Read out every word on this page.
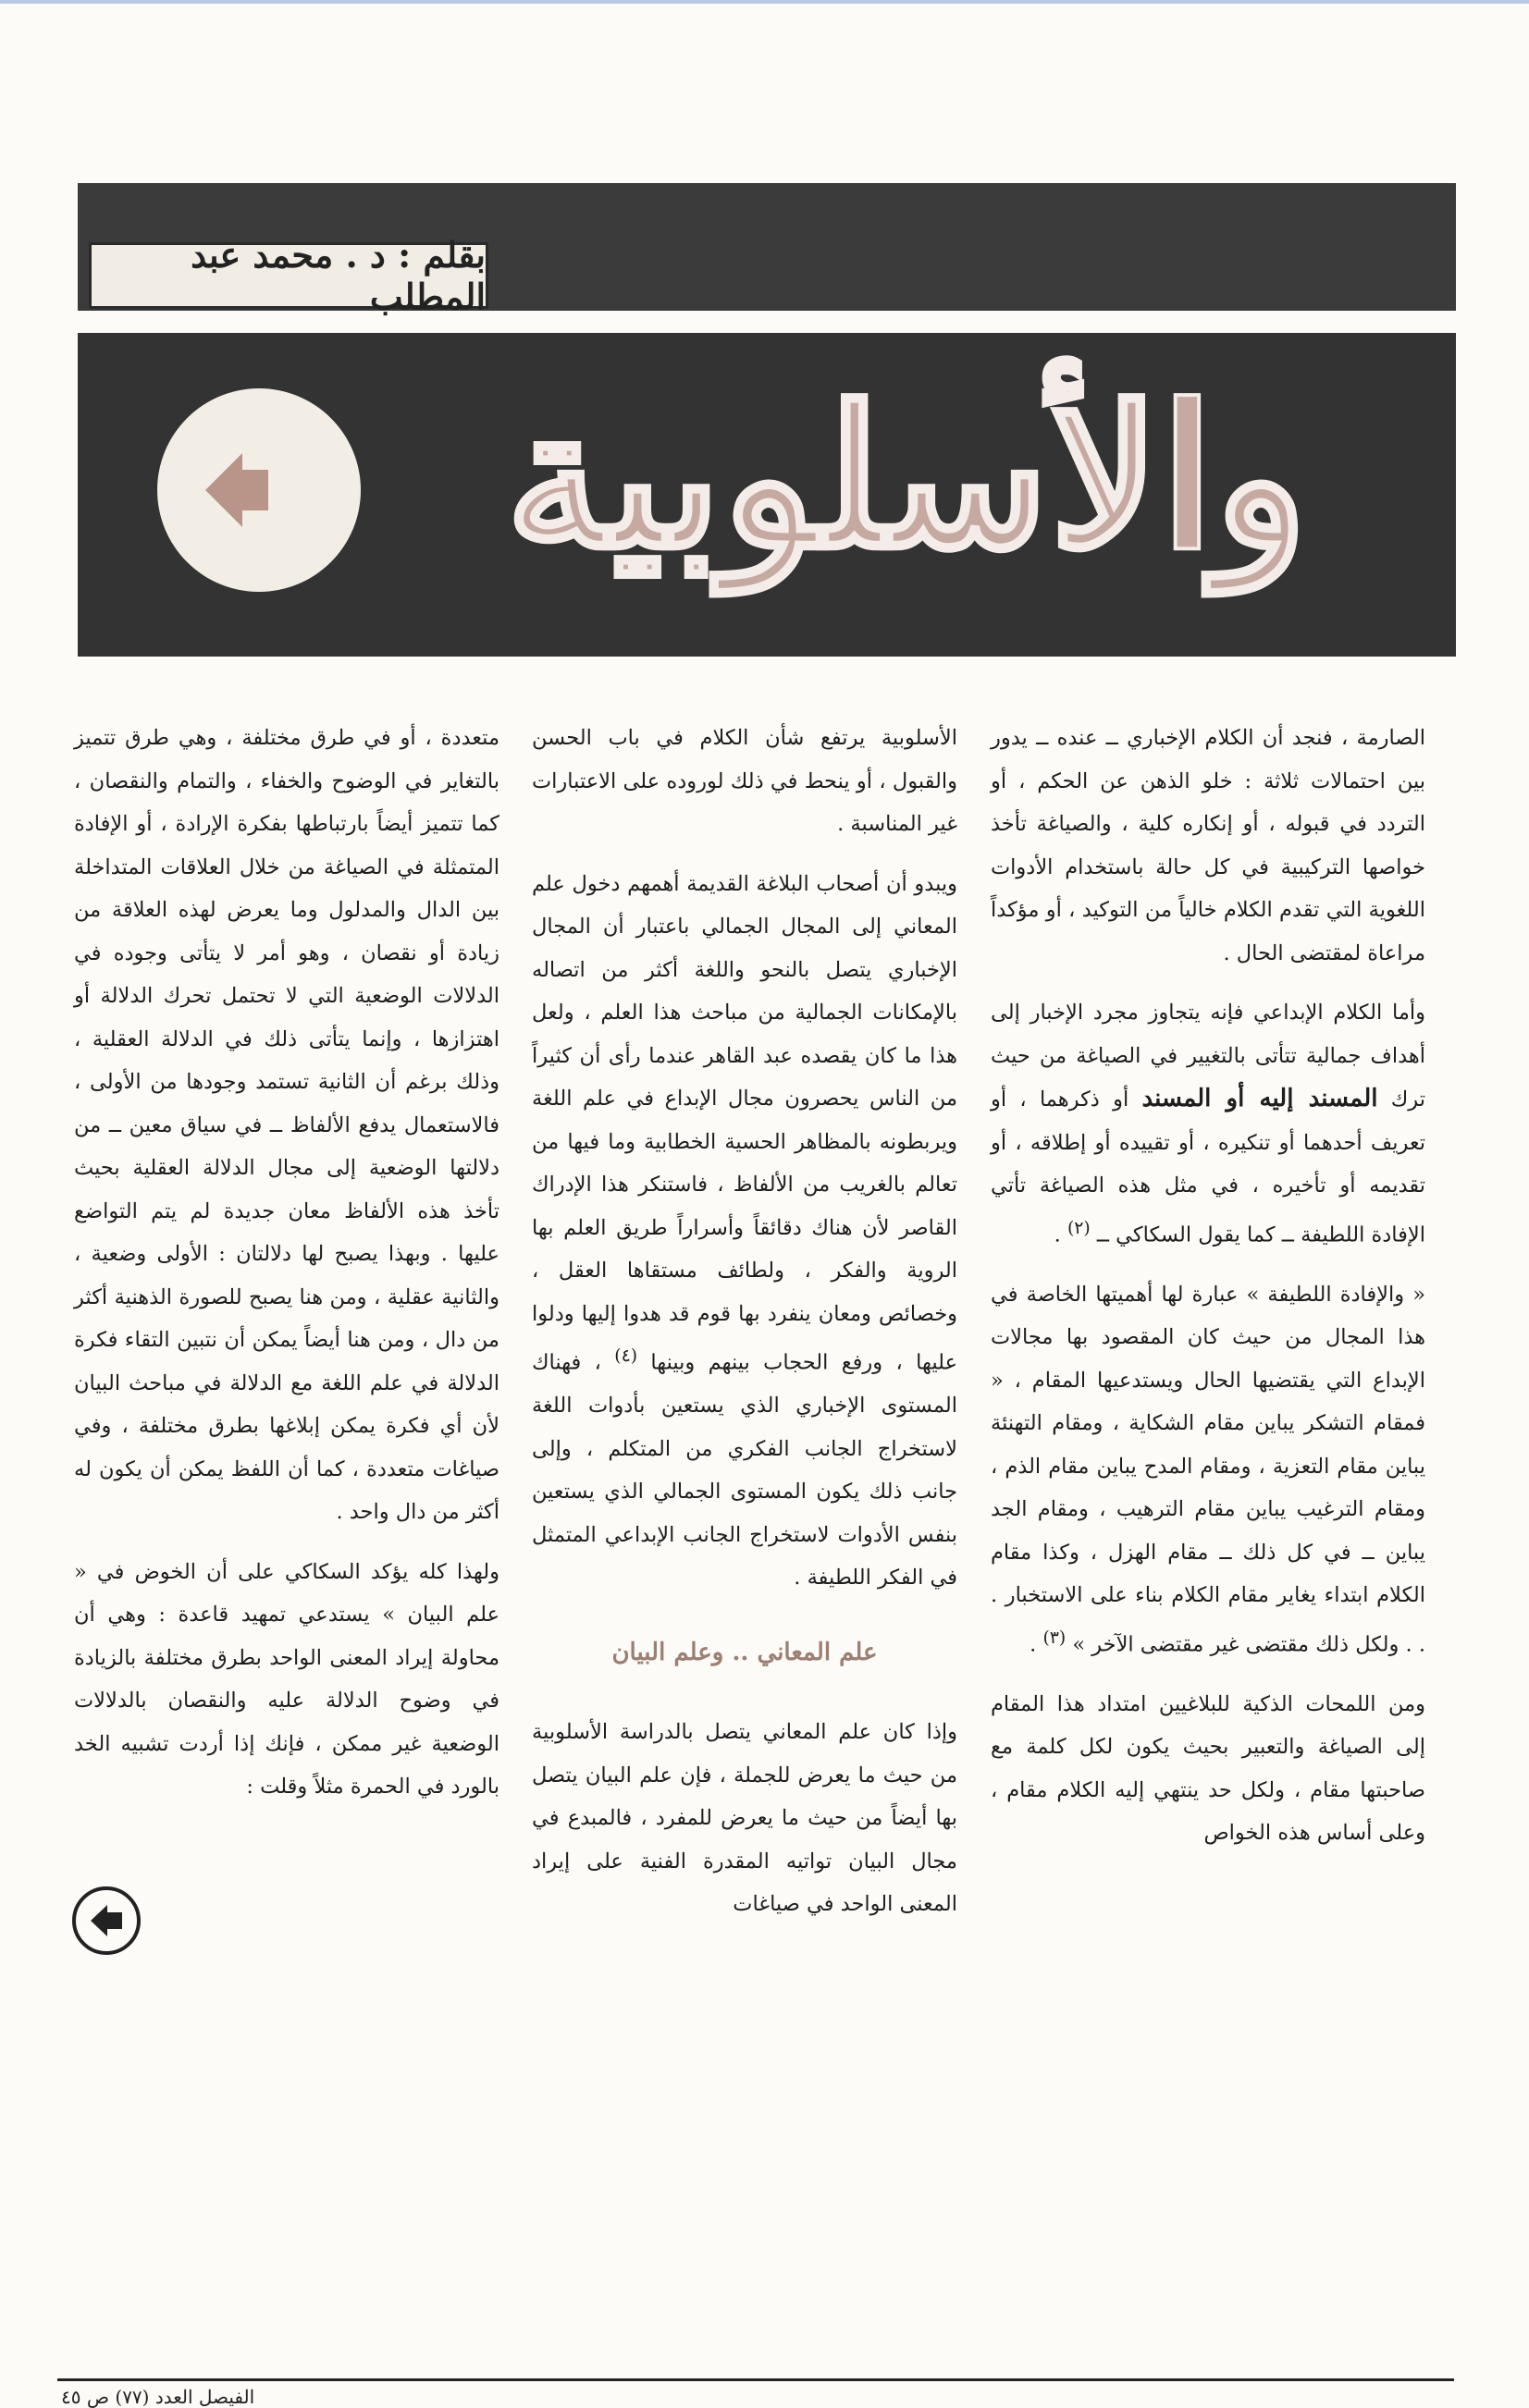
بقلم : د . محمد عبد المطلب
والأسلوبية

الصارمة ، فنجد أن الكلام الإخباري ــ عنده ــ يدور بين احتمالات ثلاثة : خلو الذهن عن الحكم ، أو التردد في قبوله ، أو إنكاره كلية ، والصياغة تأخذ خواصها التركيبية في كل حالة باستخدام الأدوات اللغوية التي تقدم الكلام خالياً من التوكيد ، أو مؤكداً مراعاة لمقتضى الحال .

وأما الكلام الإبداعي فإنه يتجاوز مجرد الإخبار إلى أهداف جمالية تتأتى بالتغيير في الصياغة من حيث ترك المسند إليه أو المسند أو ذكرهما ، أو تعريف أحدهما أو تنكيره ، أو تقييده أو إطلاقه ، أو تقديمه أو تأخيره ، في مثل هذه الصياغة تأتي الإفادة اللطيفة ــ كما يقول السكاكي ــ $^{(٢)}$ .

« والإفادة اللطيفة » عبارة لها أهميتها الخاصة في هذا المجال من حيث كان المقصود بها مجالات الإبداع التي يقتضيها الحال ويستدعيها المقام ، « فمقام التشكر يباين مقام الشكاية ، ومقام التهنئة يباين مقام التعزية ، ومقام المدح يباين مقام الذم ، ومقام الترغيب يباين مقام الترهيب ، ومقام الجد يباين ــ في كل ذلك ــ مقام الهزل ، وكذا مقام الكلام ابتداء يغاير مقام الكلام بناء على الاستخبار . . . ولكل ذلك مقتضى غير مقتضى الآخر » $^{(٣)}$ .

ومن اللمحات الذكية للبلاغيين امتداد هذا المقام إلى الصياغة والتعبير بحيث يكون لكل كلمة مع صاحبتها مقام ، ولكل حد ينتهي إليه الكلام مقام ، وعلى أساس هذه الخواص

الأسلوبية يرتفع شأن الكلام في باب الحسن والقبول ، أو ينحط في ذلك لوروده على الاعتبارات غير المناسبة .

ويبدو أن أصحاب البلاغة القديمة أهمهم دخول علم المعاني إلى المجال الجمالي باعتبار أن المجال الإخباري يتصل بالنحو واللغة أكثر من اتصاله بالإمكانات الجمالية من مباحث هذا العلم ، ولعل هذا ما كان يقصده عبد القاهر عندما رأى أن كثيراً من الناس يحصرون مجال الإبداع في علم اللغة ويربطونه بالمظاهر الحسية الخطابية وما فيها من تعالم بالغريب من الألفاظ ، فاستنكر هذا الإدراك القاصر لأن هناك دقائقاً وأسراراً طريق العلم بها الروية والفكر ، ولطائف مستقاها العقل ، وخصائص ومعان ينفرد بها قوم قد هدوا إليها ودلوا عليها ، ورفع الحجاب بينهم وبينها $^{(٤)}$ ، فهناك المستوى الإخباري الذي يستعين بأدوات اللغة لاستخراج الجانب الفكري من المتكلم ، وإلى جانب ذلك يكون المستوى الجمالي الذي يستعين بنفس الأدوات لاستخراج الجانب الإبداعي المتمثل في الفكر اللطيفة .

علم المعاني .. وعلم البيان

وإذا كان علم المعاني يتصل بالدراسة الأسلوبية من حيث ما يعرض للجملة ، فإن علم البيان يتصل بها أيضاً من حيث ما يعرض للمفرد ، فالمبدع في مجال البيان تواتيه المقدرة الفنية على إيراد المعنى الواحد في صياغات

متعددة ، أو في طرق مختلفة ، وهي طرق تتميز بالتغاير في الوضوح والخفاء ، والتمام والنقصان ، كما تتميز أيضاً بارتباطها بفكرة الإرادة ، أو الإفادة المتمثلة في الصياغة من خلال العلاقات المتداخلة بين الدال والمدلول وما يعرض لهذه العلاقة من زيادة أو نقصان ، وهو أمر لا يتأتى وجوده في الدلالات الوضعية التي لا تحتمل تحرك الدلالة أو اهتزازها ، وإنما يتأتى ذلك في الدلالة العقلية ، وذلك برغم أن الثانية تستمد وجودها من الأولى ، فالاستعمال يدفع الألفاظ ــ في سياق معين ــ من دلالتها الوضعية إلى مجال الدلالة العقلية بحيث تأخذ هذه الألفاظ معان جديدة لم يتم التواضع عليها . وبهذا يصبح لها دلالتان : الأولى وضعية ، والثانية عقلية ، ومن هنا يصبح للصورة الذهنية أكثر من دال ، ومن هنا أيضاً يمكن أن نتبين التقاء فكرة الدلالة في علم اللغة مع الدلالة في مباحث البيان لأن أي فكرة يمكن إبلاغها بطرق مختلفة ، وفي صياغات متعددة ، كما أن اللفظ يمكن أن يكون له أكثر من دال واحد .

ولهذا كله يؤكد السكاكي على أن الخوض في « علم البيان » يستدعي تمهيد قاعدة : وهي أن محاولة إيراد المعنى الواحد بطرق مختلفة بالزيادة في وضوح الدلالة عليه والنقصان بالدلالات الوضعية غير ممكن ، فإنك إذا أردت تشبيه الخد بالورد في الحمرة مثلاً وقلت :

الفيصل العدد (٧٧) ص ٤٥
